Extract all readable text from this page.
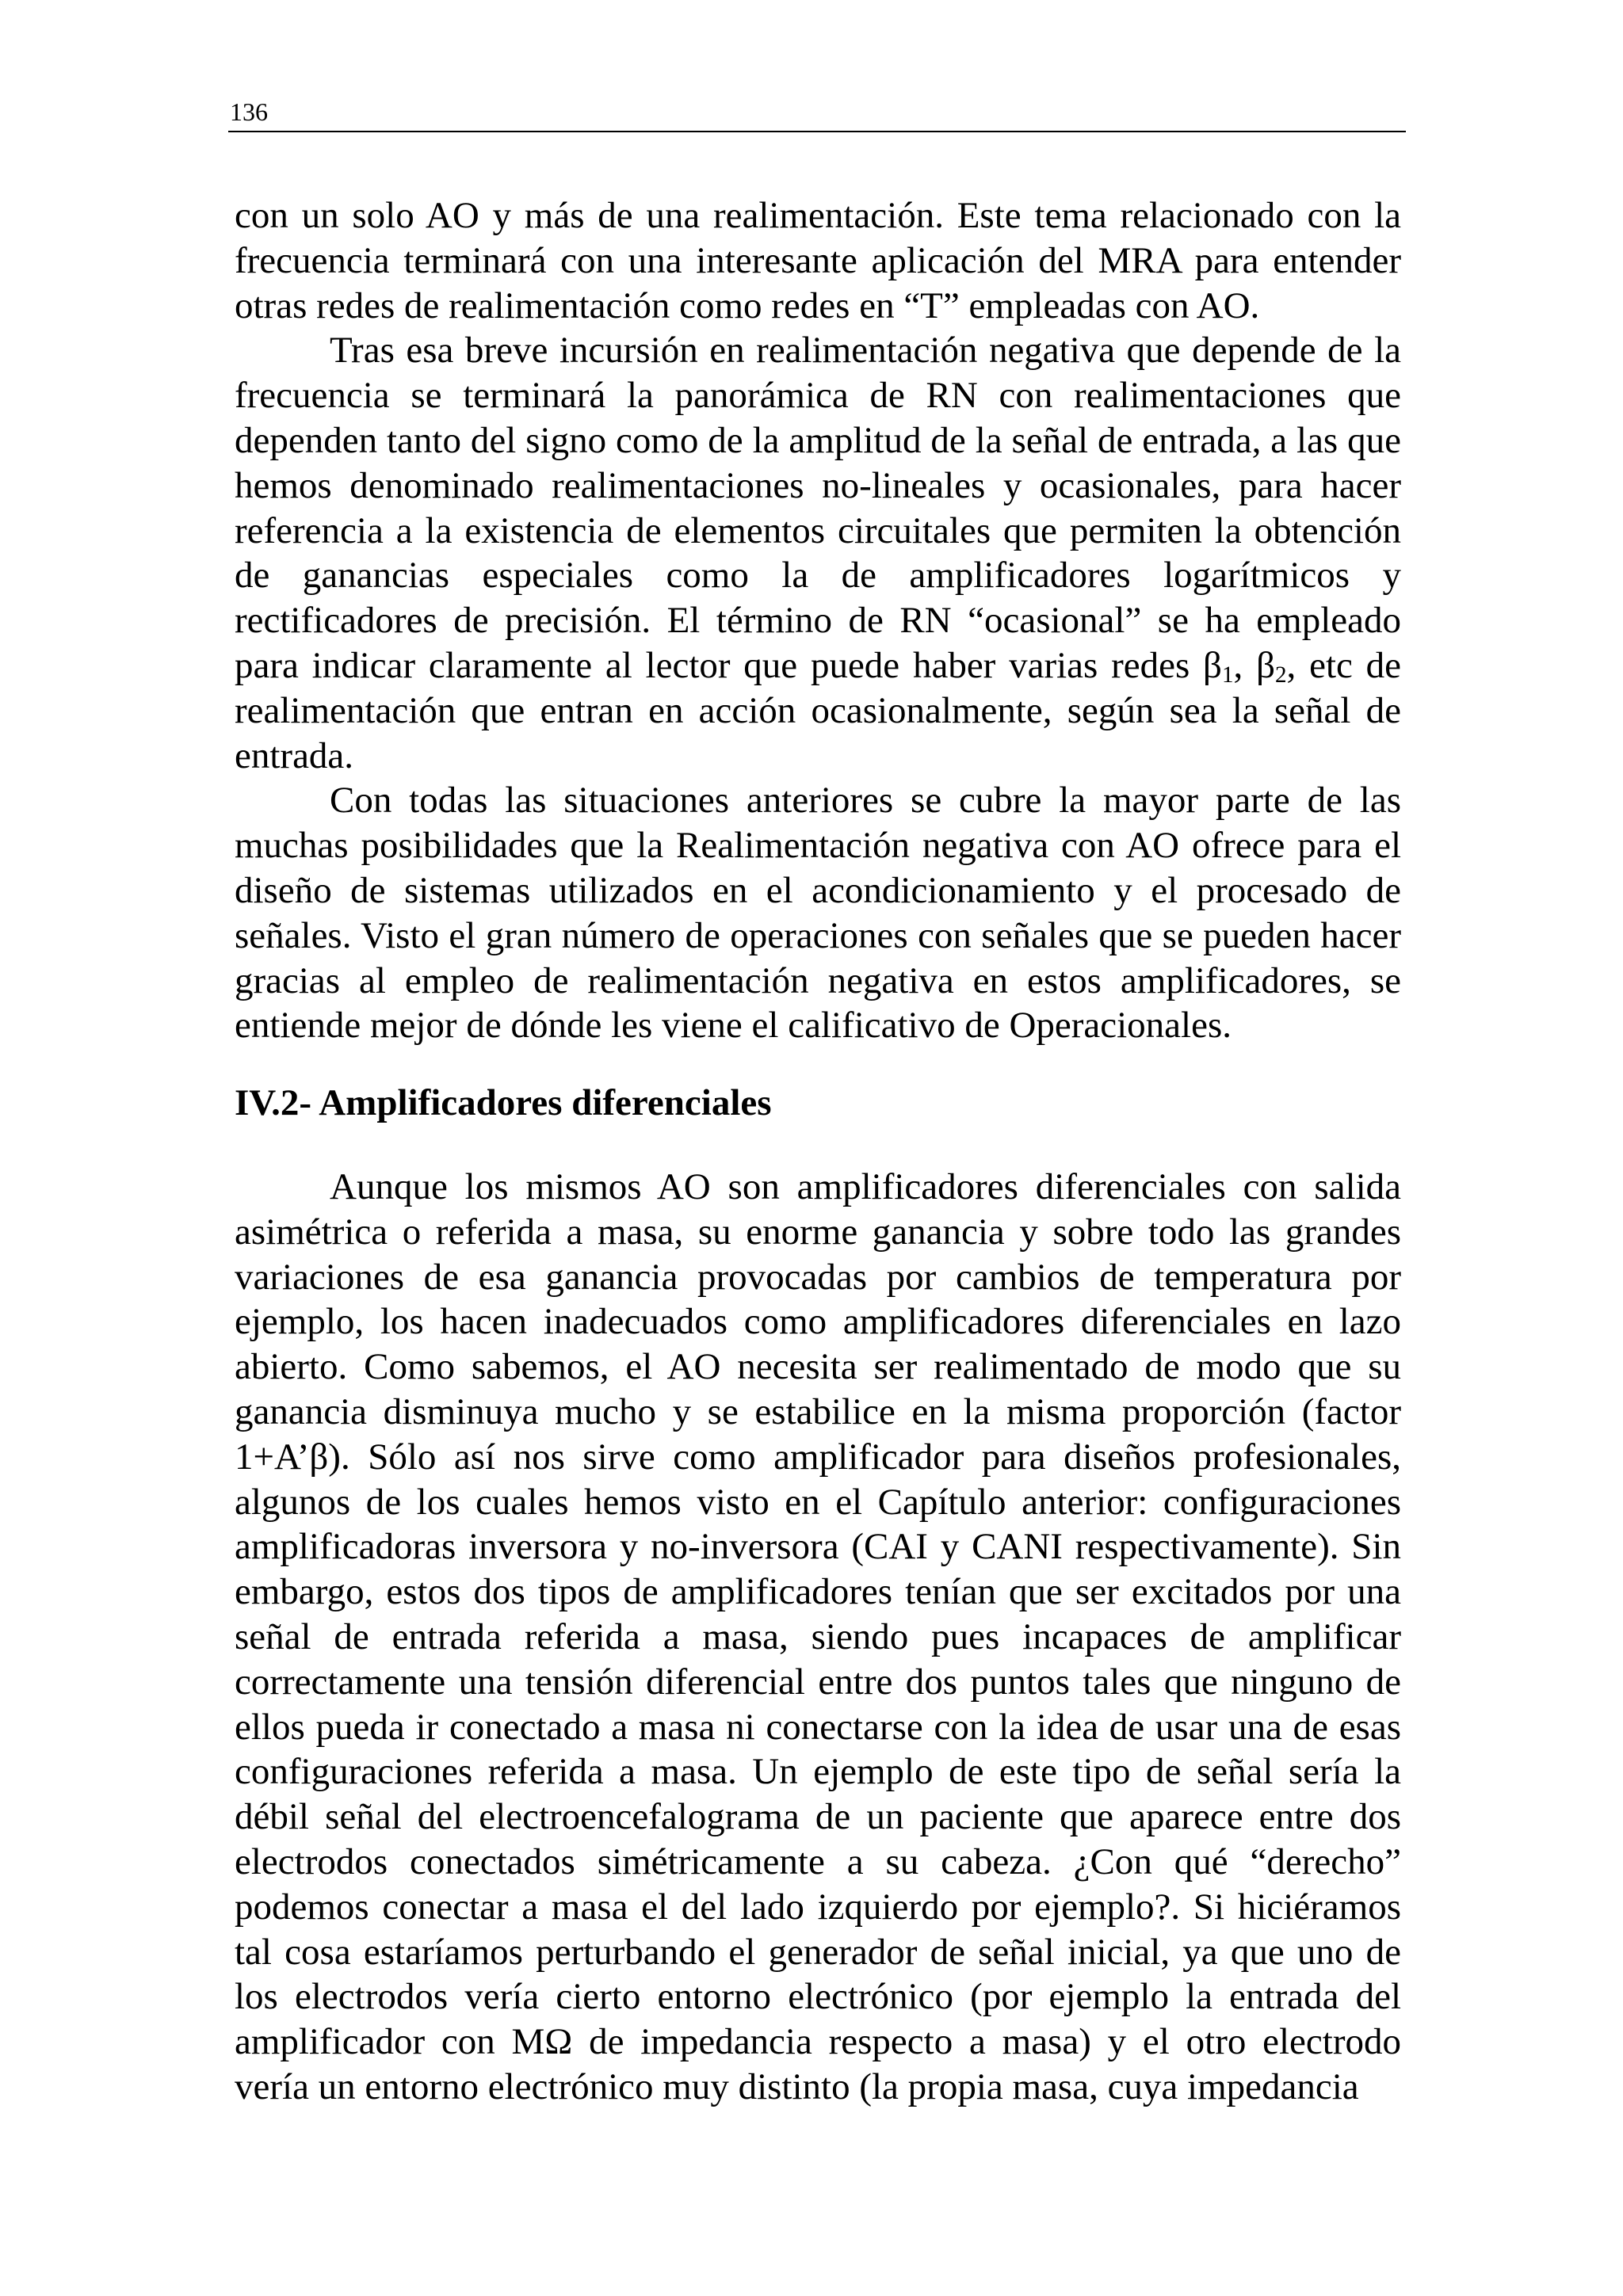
136

con un solo AO y más de una realimentación. Este tema relacionado con la frecuencia terminará con una interesante aplicación del MRA para entender otras redes de realimentación como redes en “T” empleadas con AO.

Tras esa breve incursión en realimentación negativa que depende de la frecuencia se terminará la panorámica de RN con realimentaciones que dependen tanto del signo como de la amplitud de la señal de entrada, a las que hemos denominado realimentaciones no-lineales y ocasionales, para hacer referencia a la existencia de elementos circuitales que permiten la obtención de ganancias especiales como la de amplificadores logarítmicos y rectificadores de precisión. El término de RN “ocasional” se ha empleado para indicar claramente al lector que puede haber varias redes $\beta_1$, $\beta_2$, etc de realimentación que entran en acción ocasionalmente, según sea la señal de entrada.

Con todas las situaciones anteriores se cubre la mayor parte de las muchas posibilidades que la Realimentación negativa con AO ofrece para el diseño de sistemas utilizados en el acondicionamiento y el procesado de señales. Visto el gran número de operaciones con señales que se pueden hacer gracias al empleo de realimentación negativa en estos amplificadores, se entiende mejor de dónde les viene el calificativo de Operacionales.

IV.2- Amplificadores diferenciales

Aunque los mismos AO son amplificadores diferenciales con salida asimétrica o referida a masa, su enorme ganancia y sobre todo las grandes variaciones de esa ganancia provocadas por cambios de temperatura por ejemplo, los hacen inadecuados como amplificadores diferenciales en lazo abierto. Como sabemos, el AO necesita ser realimentado de modo que su ganancia disminuya mucho y se estabilice en la misma proporción (factor 1+A’β). Sólo así nos sirve como amplificador para diseños profesionales, algunos de los cuales hemos visto en el Capítulo anterior: configuraciones amplificadoras inversora y no-inversora (CAI y CANI respectivamente). Sin embargo, estos dos tipos de amplificadores tenían que ser excitados por una señal de entrada referida a masa, siendo pues incapaces de amplificar correctamente una tensión diferencial entre dos puntos tales que ninguno de ellos pueda ir conectado a masa ni conectarse con la idea de usar una de esas configuraciones referida a masa. Un ejemplo de este tipo de señal sería la débil señal del electroencefalograma de un paciente que aparece entre dos electrodos conectados simétricamente a su cabeza. ¿Con qué “derecho” podemos conectar a masa el del lado izquierdo por ejemplo?. Si hiciéramos tal cosa estaríamos perturbando el generador de señal inicial, ya que uno de los electrodos vería cierto entorno electrónico (por ejemplo la entrada del amplificador con MΩ de impedancia respecto a masa) y el otro electrodo vería un entorno electrónico muy distinto (la propia masa, cuya impedancia
